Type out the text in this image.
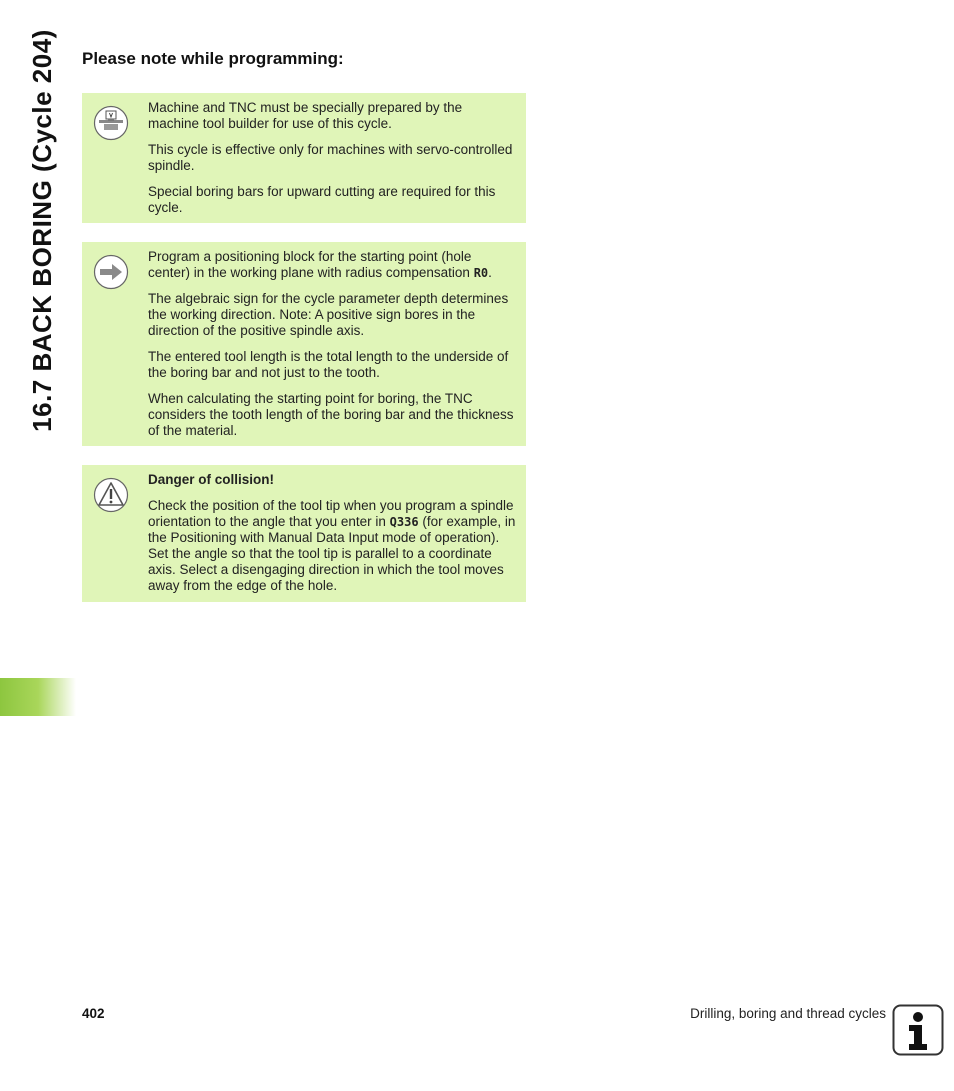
16.7 BACK BORING (Cycle 204) Please note while programming:

Machine and TNC must be specially prepared by the machine tool builder for use of this cycle.

This cycle is effective only for machines with servo-controlled spindle.

Special boring bars for upward cutting are required for this cycle.

Program a positioning block for the starting point (hole center) in the working plane with radius compensation R0.

The algebraic sign for the cycle parameter depth determines the working direction. Note: A positive sign bores in the direction of the positive spindle axis.

The entered tool length is the total length to the underside of the boring bar and not just to the tooth.

When calculating the starting point for boring, the TNC considers the tooth length of the boring bar and the thickness of the material.

Danger of collision!

Check the position of the tool tip when you program a spindle orientation to the angle that you enter in Q336 (for example, in the Positioning with Manual Data Input mode of operation). Set the angle so that the tool tip is parallel to a coordinate axis. Select a disengaging direction in which the tool moves away from the edge of the hole.

402	Drilling, boring and thread cycles
